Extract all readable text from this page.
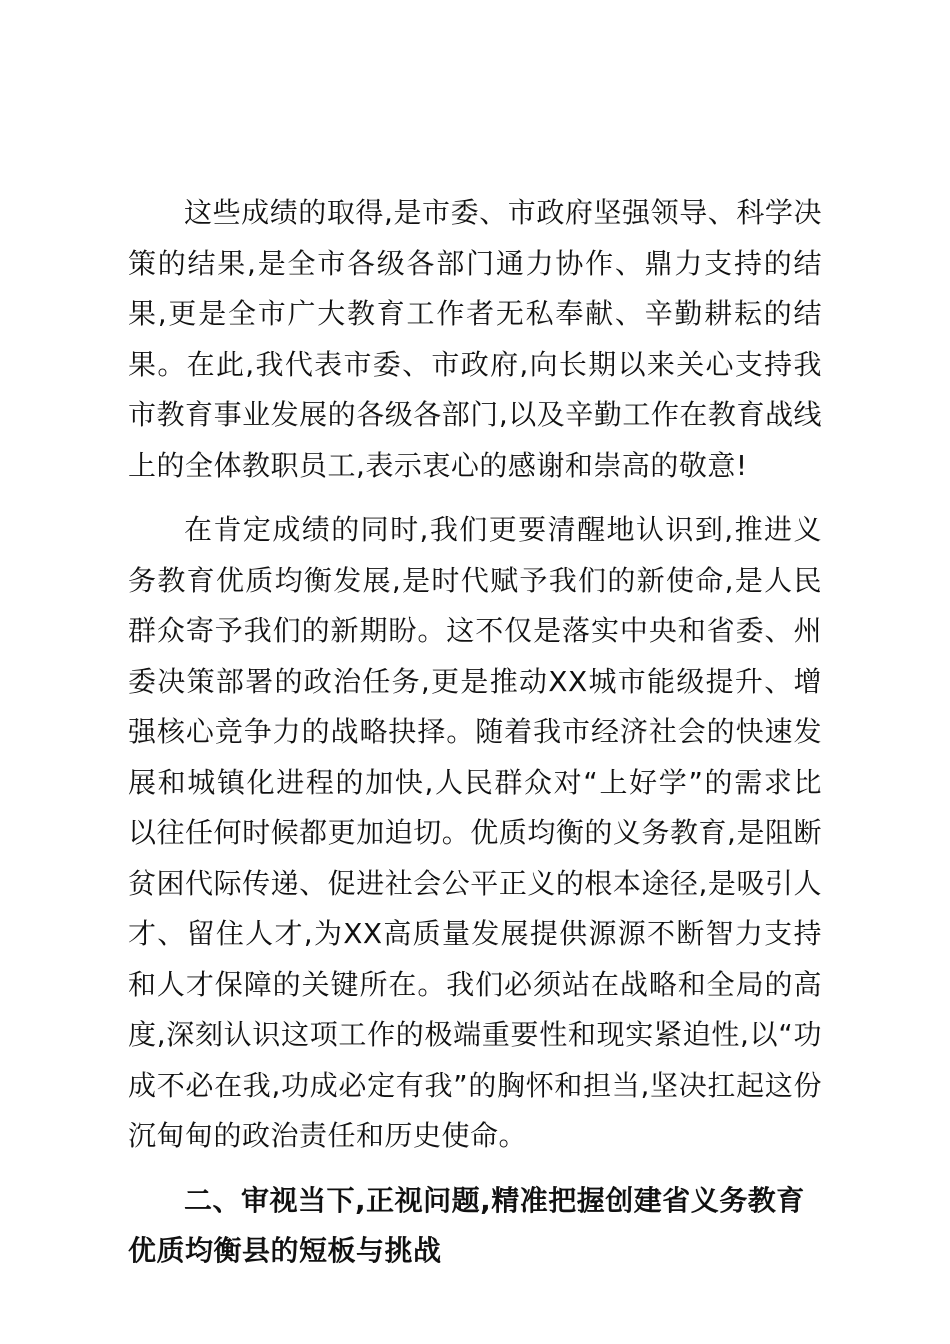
这些成绩的取得,是市委、市政府坚强领导、科学决策的结果,是全市各级各部门通力协作、鼎力支持的结果,更是全市广大教育工作者无私奉献、辛勤耕耘的结果。在此,我代表市委、市政府,向长期以来关心支持我市教育事业发展的各级各部门,以及辛勤工作在教育战线上的全体教职员工,表示衷心的感谢和崇高的敬意!

在肯定成绩的同时,我们更要清醒地认识到,推进义务教育优质均衡发展,是时代赋予我们的新使命,是人民群众寄予我们的新期盼。这不仅是落实中央和省委、州委决策部署的政治任务,更是推动XX城市能级提升、增强核心竞争力的战略抉择。随着我市经济社会的快速发展和城镇化进程的加快,人民群众对“上好学”的需求比以往任何时候都更加迫切。优质均衡的义务教育,是阻断贫困代际传递、促进社会公平正义的根本途径,是吸引人才、留住人才,为XX高质量发展提供源源不断智力支持和人才保障的关键所在。我们必须站在战略和全局的高度,深刻认识这项工作的极端重要性和现实紧迫性,以“功成不必在我,功成必定有我”的胸怀和担当,坚决扛起这份沉甸甸的政治责任和历史使命。

二、审视当下,正视问题,精准把握创建省义务教育优质均衡县的短板与挑战
